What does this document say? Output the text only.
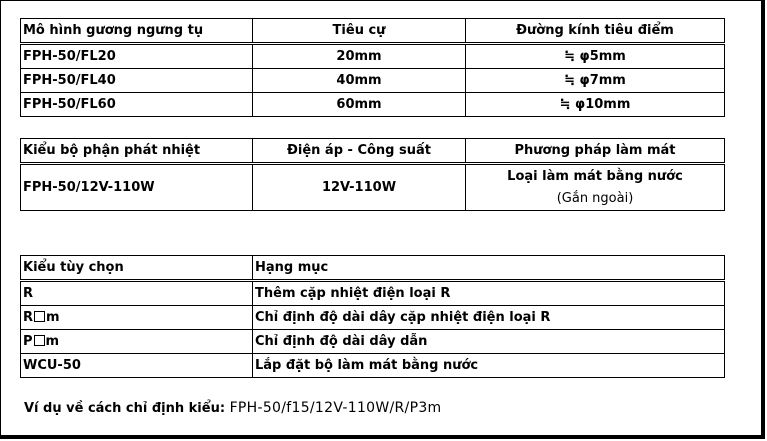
Mô hình gương ngưng tụ	Tiêu cự	Đường kính tiêu điểm
FPH-50/FL20	20mm	≒ φ5mm
FPH-50/FL40	40mm	≒ φ7mm
FPH-50/FL60	60mm	≒ φ10mm
Kiểu bộ phận phát nhiệt	Điện áp - Công suất	Phương pháp làm mát
FPH-50/12V-110W	12V-110W	Loại làm mát bằng nước
(Gắn ngoài)
Kiểu tùy chọn	Hạng mục
R	Thêm cặp nhiệt điện loại R
R m	Chỉ định độ dài dây cặp nhiệt điện loại R
P m	Chỉ định độ dài dây dẫn
WCU-50	Lắp đặt bộ làm mát bằng nước
Ví dụ về cách chỉ định kiểu: FPH-50/f15/12V-110W/R/P3m
